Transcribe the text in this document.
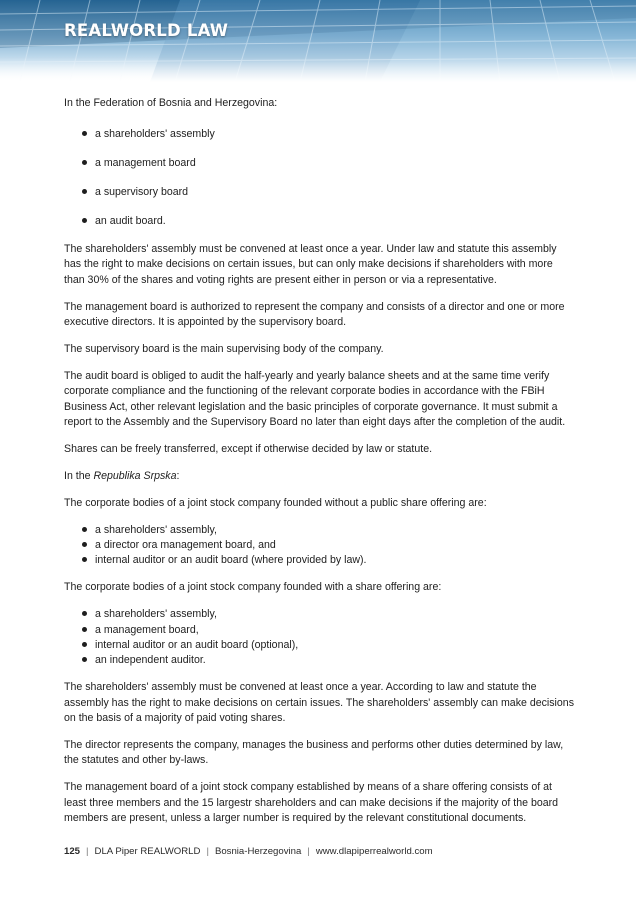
REALWORLD LAW

In the Federation of Bosnia and Herzegovina:

a shareholders' assembly
a management board
a supervisory board
an audit board.

The shareholders' assembly must be convened at least once a year. Under law and statute this assembly has the right to make decisions on certain issues, but can only make decisions if shareholders with more than 30% of the shares and voting rights are present either in person or via a representative.

The management board is authorized to represent the company and consists of a director and one or more executive directors. It is appointed by the supervisory board.

The supervisory board is the main supervising body of the company.

The audit board is obliged to audit the half-yearly and yearly balance sheets and at the same time verify corporate compliance and the functioning of the relevant corporate bodies in accordance with the FBiH Business Act, other relevant legislation and the basic principles of corporate governance. It must submit a report to the Assembly and the Supervisory Board no later than eight days after the completion of the audit.

Shares can be freely transferred, except if otherwise decided by law or statute.

In the Republika Srpska:

The corporate bodies of a joint stock company founded without a public share offering are:

a shareholders' assembly,
a director ora management board, and
internal auditor or an audit board (where provided by law).

The corporate bodies of a joint stock company founded with a share offering are:

a shareholders' assembly,
a management board,
internal auditor or an audit board (optional),
an independent auditor.

The shareholders' assembly must be convened at least once a year. According to law and statute the assembly has the right to make decisions on certain issues. The shareholders' assembly can make decisions on the basis of a majority of paid voting shares.

The director represents the company, manages the business and performs other duties determined by law, the statutes and other by-laws.

The management board of a joint stock company established by means of a share offering consists of at least three members and the 15 largestr shareholders and can make decisions if the majority of the board members are present, unless a larger number is required by the relevant constitutional documents.

125 | DLA Piper REALWORLD | Bosnia-Herzegovina | www.dlapiperrealworld.com
